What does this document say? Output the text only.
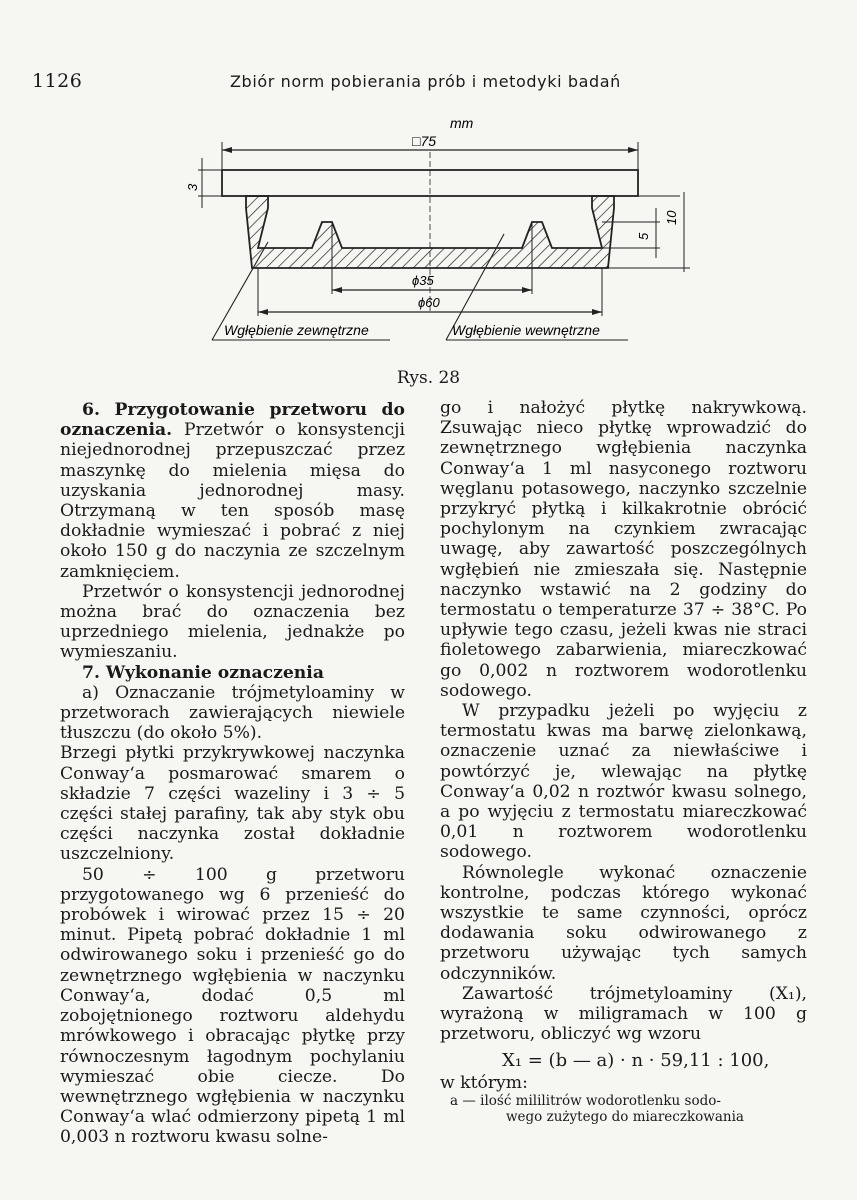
1126	Zbiór norm pobierania prób i metodyki badań
mm
□75
3
10
5
ϕ35
ϕ60
Wgłębienie zewnętrzne	Wgłębienie wewnętrzne
Rys. 28

6. Przygotowanie przetworu do oznaczenia. Przetwór o konsystencji niejednorodnej przepuszczać przez maszynkę do mielenia mięsa do uzyskania jednorodnej masy. Otrzymaną w ten sposób masę dokładnie wymieszać i pobrać z niej około 150 g do naczynia ze szczelnym zamknięciem.

Przetwór o konsystencji jednorodnej można brać do oznaczenia bez uprzedniego mielenia, jednakże po wymieszaniu.

7. Wykonanie oznaczenia

a) Oznaczanie trójmetyloaminy w przetworach zawierających niewiele tłuszczu (do około 5%).

Brzegi płytki przykrywkowej naczynka Conway‘a posmarować smarem o składzie 7 części wazeliny i 3 ÷ 5 części stałej parafiny, tak aby styk obu części naczynka został dokładnie uszczelniony.

50 ÷ 100 g przetworu przygotowanego wg 6 przenieść do probówek i wirować przez 15 ÷ 20 minut. Pipetą pobrać dokładnie 1 ml odwirowanego soku i przenieść go do zewnętrznego wgłębienia w naczynku Conway‘a, dodać 0,5 ml zobojętnionego roztworu aldehydu mrówkowego i obracając płytkę przy równoczesnym łagodnym pochylaniu wymieszać obie ciecze. Do wewnętrznego wgłębienia w naczynku Conway‘a wlać odmierzony pipetą 1 ml 0,003 n roztworu kwasu solne-

go i nałożyć płytkę nakrywkową. Zsuwając nieco płytkę wprowadzić do zewnętrznego wgłębienia naczynka Conway‘a 1 ml nasyconego roztworu węglanu potasowego, naczynko szczelnie przykryć płytką i kilkakrotnie obrócić pochylonym na czynkiem zwracając uwagę, aby zawartość poszczególnych wgłębień nie zmieszała się. Następnie naczynko wstawić na 2 godziny do termostatu o temperaturze 37 ÷ 38°C. Po upływie tego czasu, jeżeli kwas nie straci fioletowego zabarwienia, miareczkować go 0,002 n roztworem wodorotlenku sodowego.

W przypadku jeżeli po wyjęciu z termostatu kwas ma barwę zielonkawą, oznaczenie uznać za niewłaściwe i powtórzyć je, wlewając na płytkę Conway‘a 0,02 n roztwór kwasu solnego, a po wyjęciu z termostatu miareczkować 0,01 n roztworem wodorotlenku sodowego.

Równolegle wykonać oznaczenie kontrolne, podczas którego wykonać wszystkie te same czynności, oprócz dodawania soku odwirowanego z przetworu używając tych samych odczynników.

Zawartość trójmetyloaminy (X₁), wyrażoną w miligramach w 100 g przetworu, obliczyć wg wzoru

X₁ = (b — a) · n · 59,11 : 100,

w którym:

a — ilość mililitrów wodorotlenku sodo-
wego zużytego do miareczkowania
